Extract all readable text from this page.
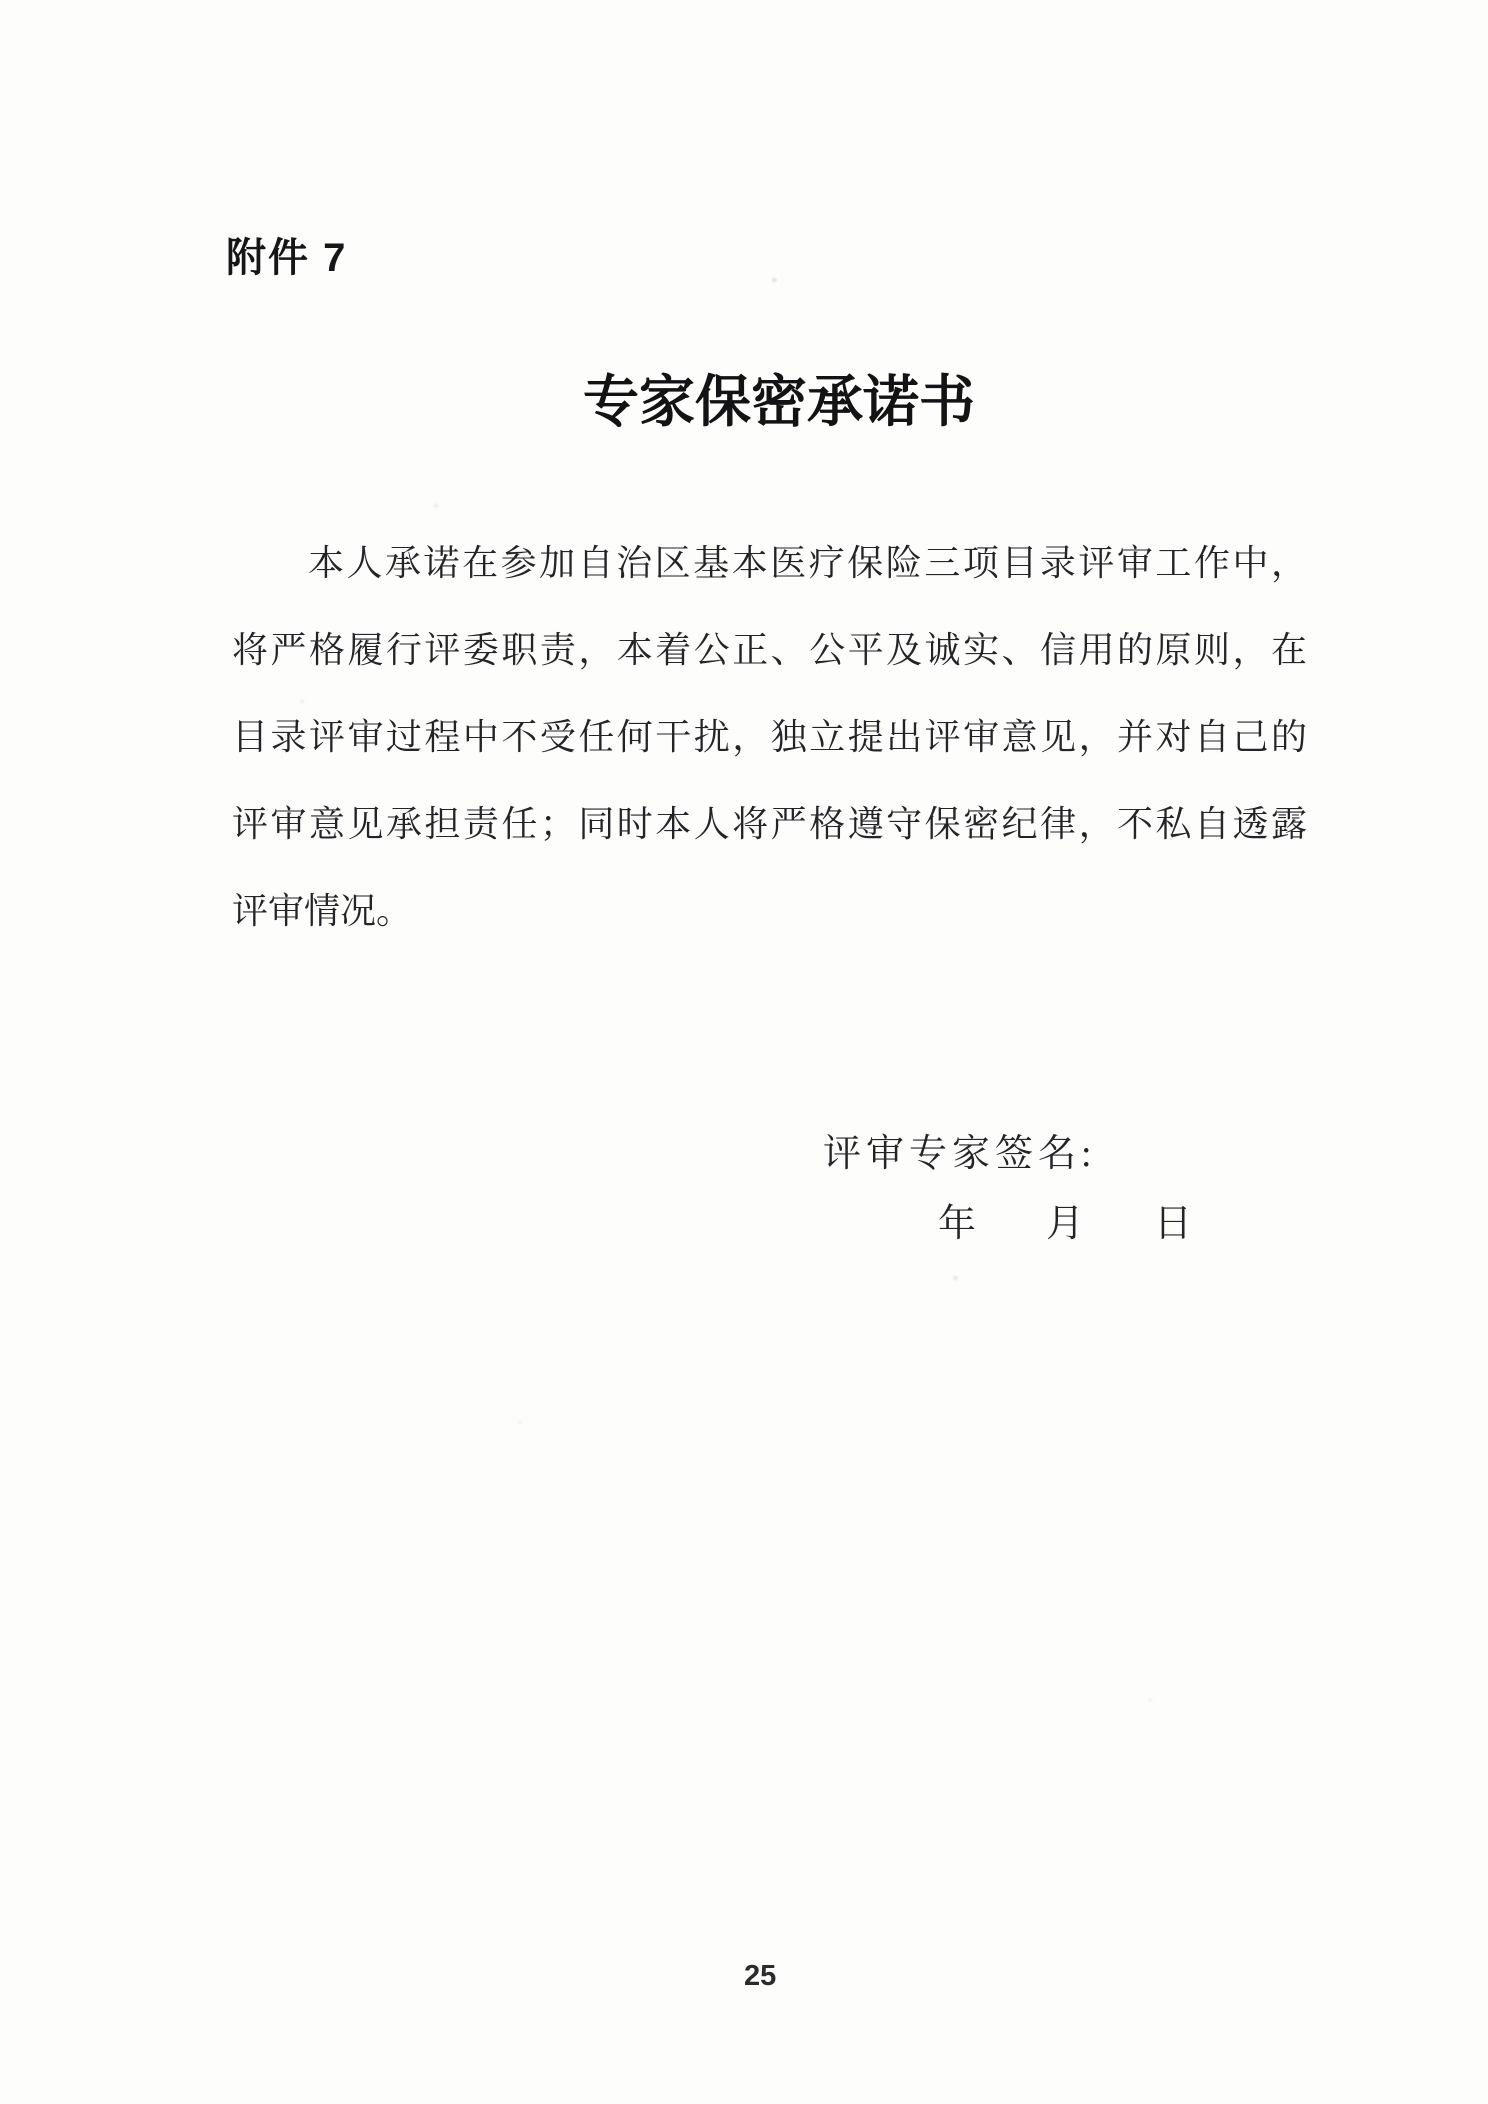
附件 7
专家保密承诺书
本人承诺在参加自治区基本医疗保险三项目录评审工作中，
将严格履行评委职责，本着公正、公平及诚实、信用的原则，在
目录评审过程中不受任何干扰，独立提出评审意见，并对自己的
评审意见承担责任；同时本人将严格遵守保密纪律，不私自透露
评审情况。
评审专家签名:
年 月 日
25
